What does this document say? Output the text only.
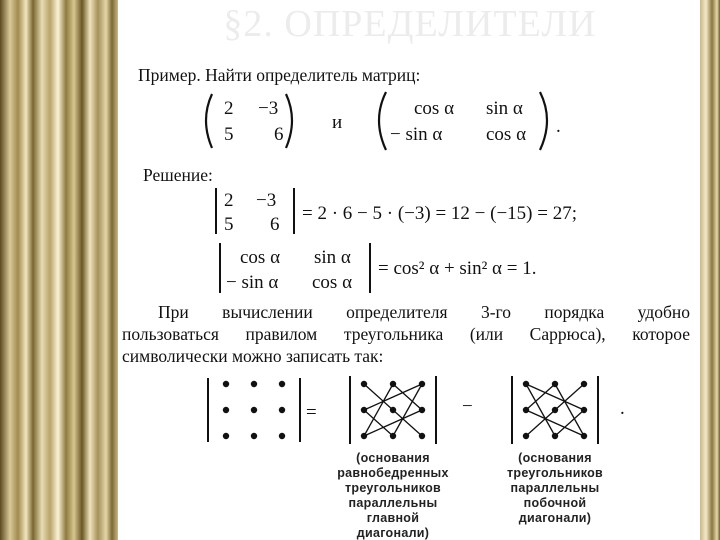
§2. ОПРЕДЕЛИТЕЛИ
Пример. Найти определитель матриц:
2 −3
5 6
и
cos α sin α
− sin α cos α .
Решение:
2 −3
5 6
= 2 · 6 − 5 · (−3) = 12 − (−15) = 27;
cos α sin α
− sin α cos α
= cos² α + sin² α = 1.
При вычислении определителя 3-го порядка удобно
пользоваться правилом треугольника (или Саррюса), которое
символически можно записать так:
=	−	.
(основания
равнобедренных
треугольников
параллельны
главной
диагонали)
(основания
треугольников
параллельны
побочной
диагонали)
